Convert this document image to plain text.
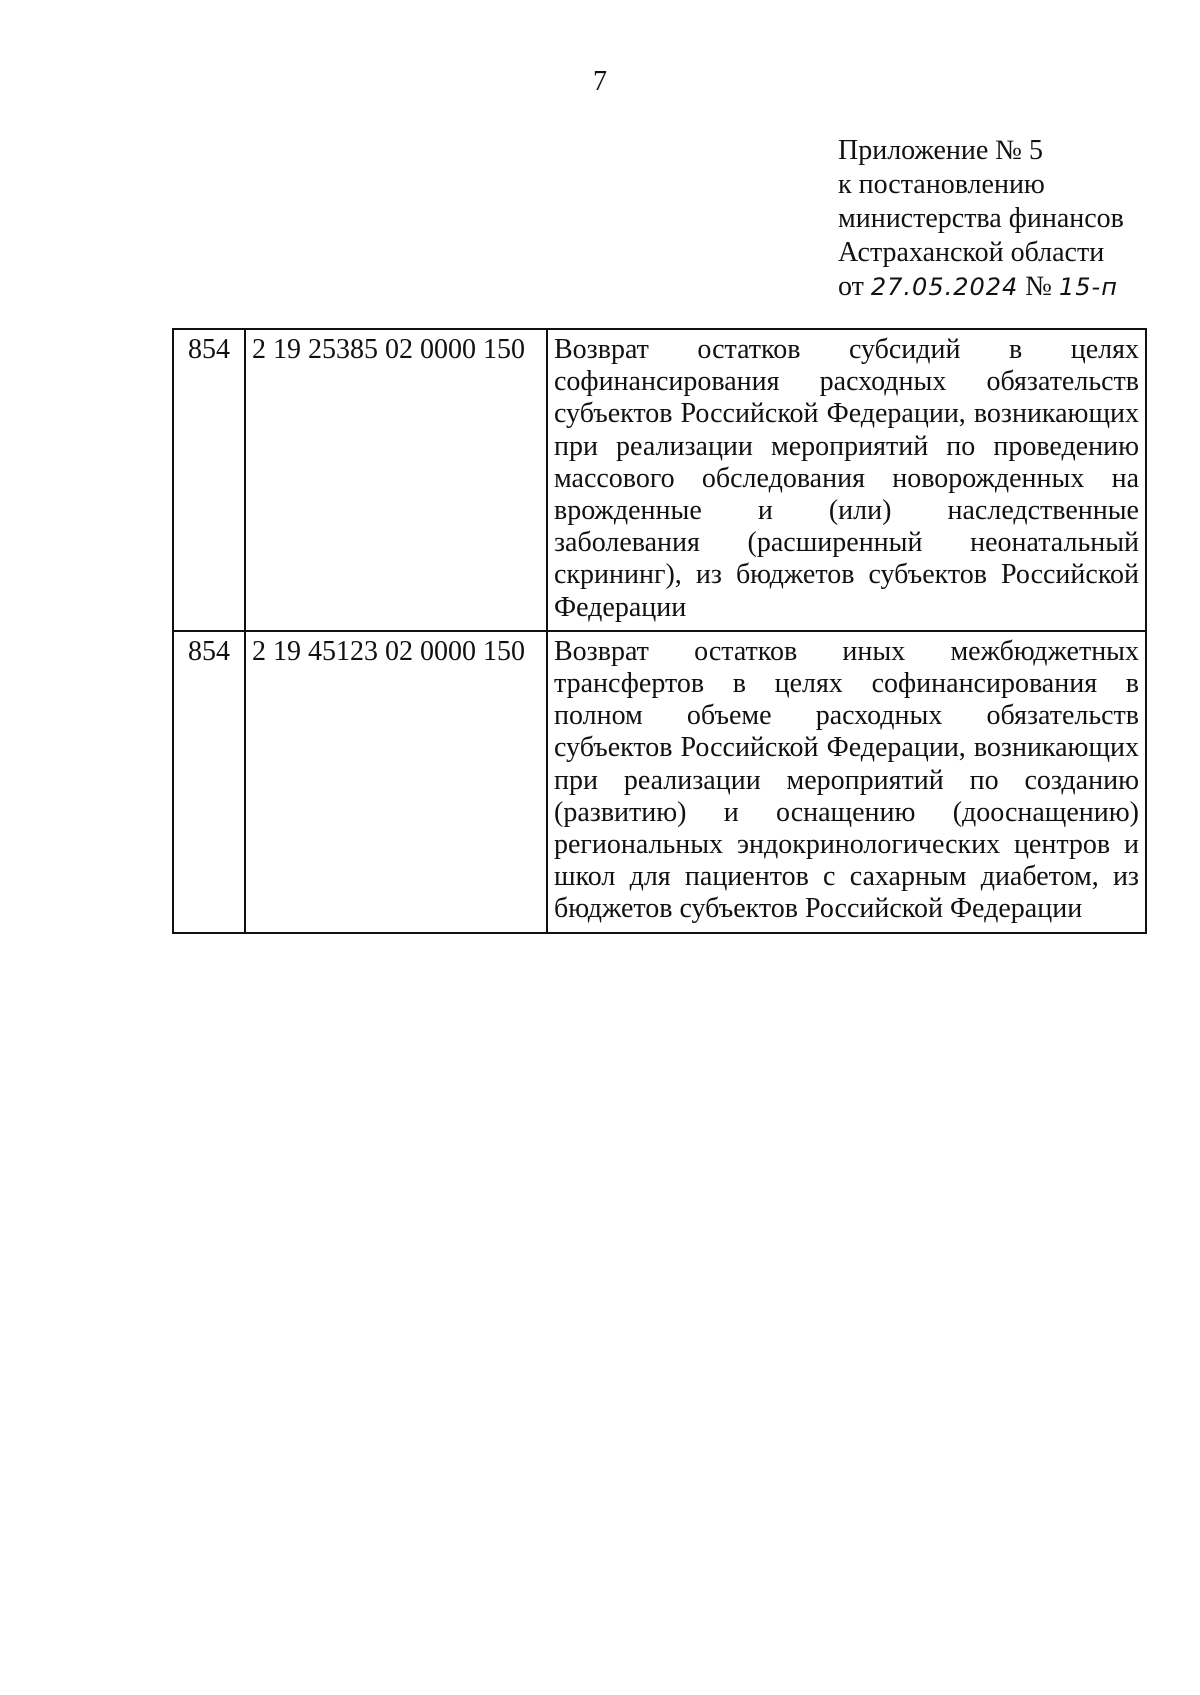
7
Приложение № 5
к постановлению
министерства финансов
Астраханской области
от 27.05.2024 № 15-п
854	2 19 25385 02 0000 150	Возврат остатков субсидий в целях софинансирования расходных обязательств субъектов Российской Федерации, возникающих при реализации мероприятий по проведению массового обследования новорожденных на врожденные и (или) наследственные заболевания (расширенный неонатальный скрининг), из бюджетов субъектов Российской Федерации
854	2 19 45123 02 0000 150	Возврат остатков иных межбюджетных трансфертов в целях софинансирования в полном объеме расходных обязательств субъектов Российской Федерации, возникающих при реализации мероприятий по созданию (развитию) и оснащению (дооснащению) региональных эндокринологических центров и школ для пациентов с сахарным диабетом, из бюджетов субъектов Российской Федерации
